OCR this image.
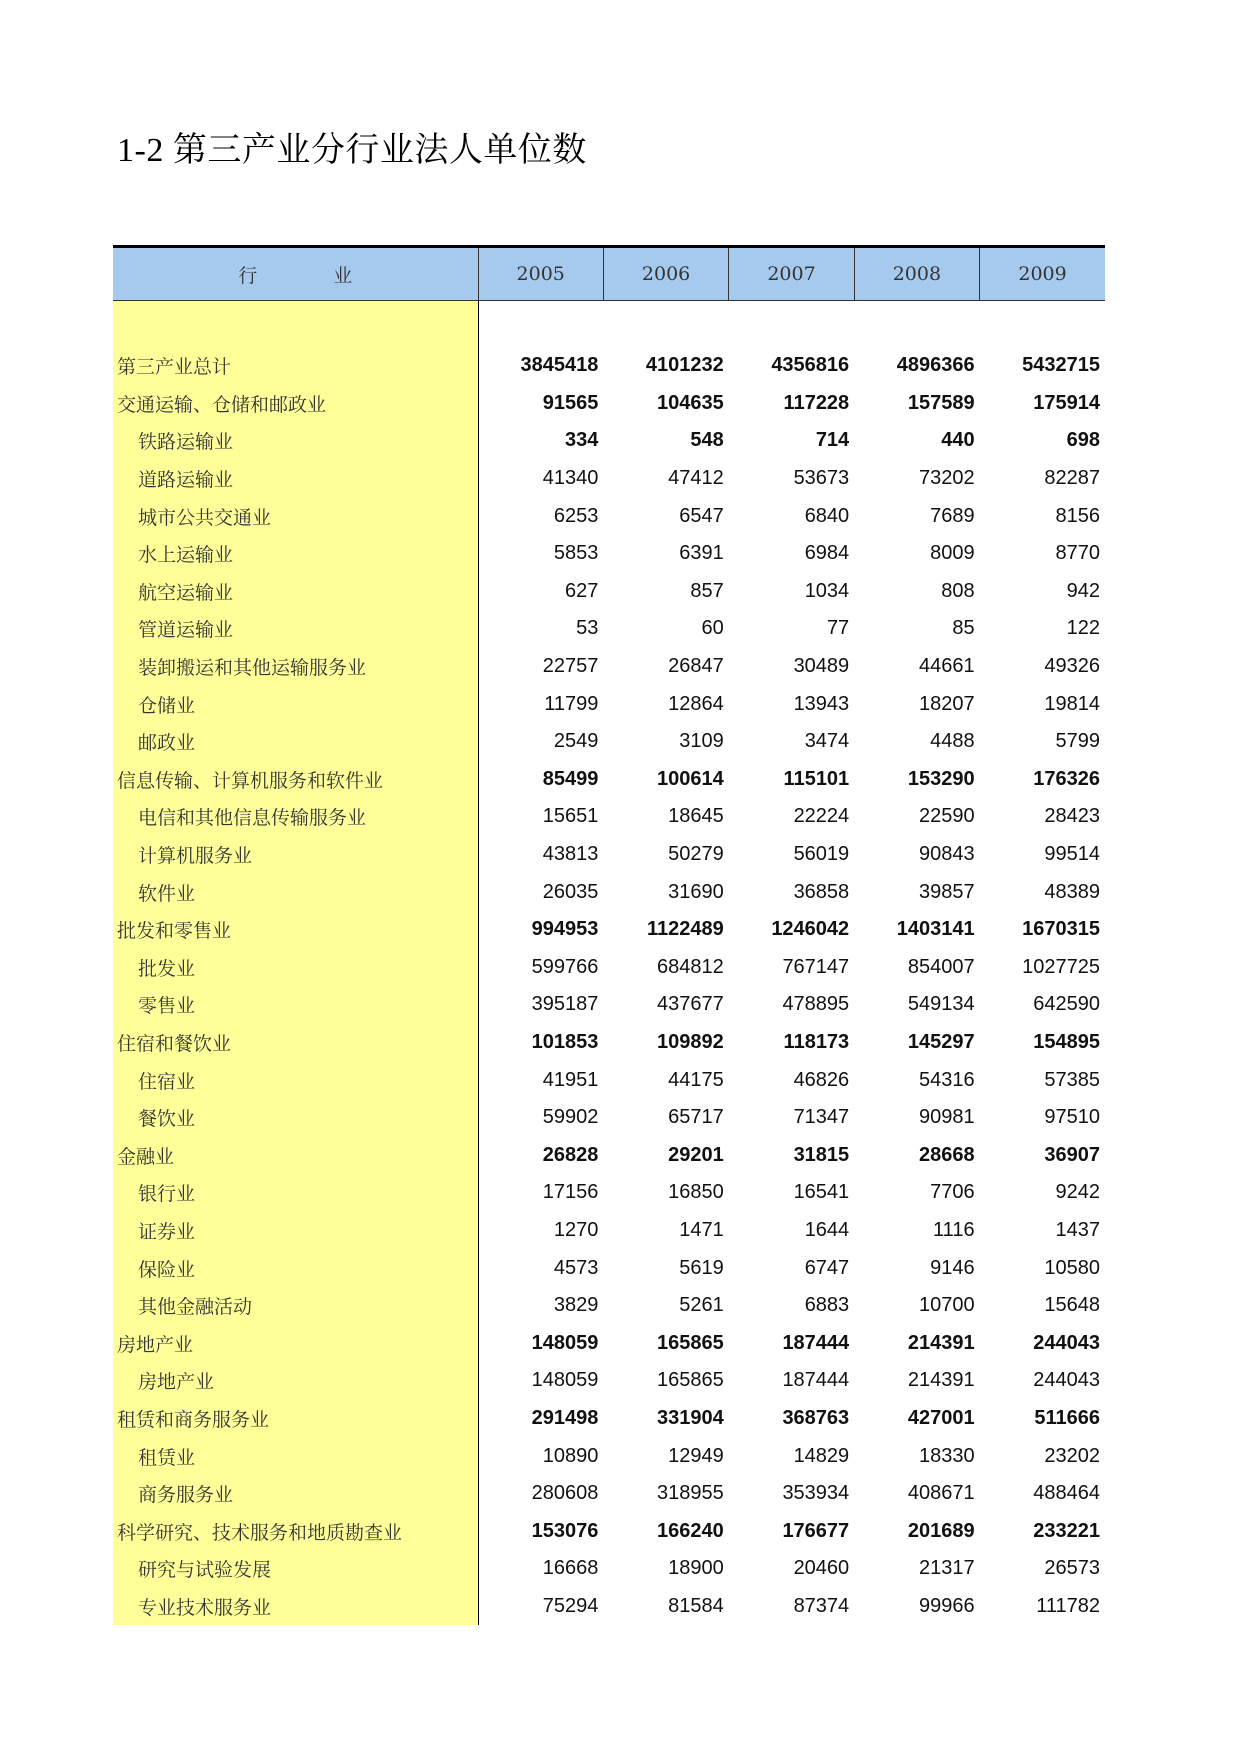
1-2 第三产业分行业法人单位数
行业	2005	2006	2007	2008	2009

第三产业总计	3845418	4101232	4356816	4896366	5432715
交通运输、仓储和邮政业	91565	104635	117228	157589	175914
铁路运输业	334	548	714	440	698
道路运输业	41340	47412	53673	73202	82287
城市公共交通业	6253	6547	6840	7689	8156
水上运输业	5853	6391	6984	8009	8770
航空运输业	627	857	1034	808	942
管道运输业	53	60	77	85	122
装卸搬运和其他运输服务业	22757	26847	30489	44661	49326
仓储业	11799	12864	13943	18207	19814
邮政业	2549	3109	3474	4488	5799
信息传输、计算机服务和软件业	85499	100614	115101	153290	176326
电信和其他信息传输服务业	15651	18645	22224	22590	28423
计算机服务业	43813	50279	56019	90843	99514
软件业	26035	31690	36858	39857	48389
批发和零售业	994953	1122489	1246042	1403141	1670315
批发业	599766	684812	767147	854007	1027725
零售业	395187	437677	478895	549134	642590
住宿和餐饮业	101853	109892	118173	145297	154895
住宿业	41951	44175	46826	54316	57385
餐饮业	59902	65717	71347	90981	97510
金融业	26828	29201	31815	28668	36907
银行业	17156	16850	16541	7706	9242
证券业	1270	1471	1644	1116	1437
保险业	4573	5619	6747	9146	10580
其他金融活动	3829	5261	6883	10700	15648
房地产业	148059	165865	187444	214391	244043
房地产业	148059	165865	187444	214391	244043
租赁和商务服务业	291498	331904	368763	427001	511666
租赁业	10890	12949	14829	18330	23202
商务服务业	280608	318955	353934	408671	488464
科学研究、技术服务和地质勘查业	153076	166240	176677	201689	233221
研究与试验发展	16668	18900	20460	21317	26573
专业技术服务业	75294	81584	87374	99966	111782
